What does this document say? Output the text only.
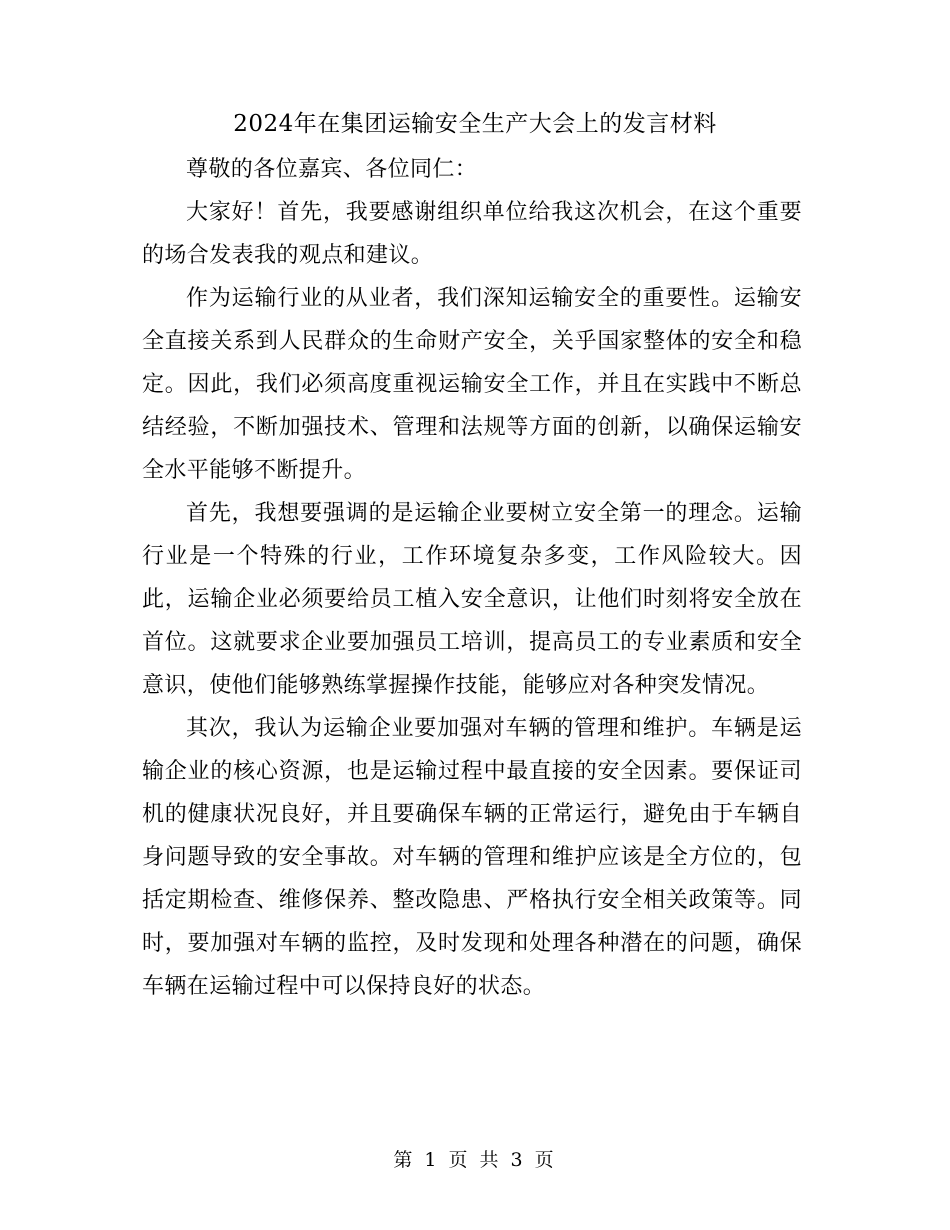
2024年在集团运输安全生产大会上的发言材料

尊敬的各位嘉宾、各位同仁：

大家好！首先，我要感谢组织单位给我这次机会，在这个重要的场合发表我的观点和建议。

作为运输行业的从业者，我们深知运输安全的重要性。运输安全直接关系到人民群众的生命财产安全，关乎国家整体的安全和稳定。因此，我们必须高度重视运输安全工作，并且在实践中不断总结经验，不断加强技术、管理和法规等方面的创新，以确保运输安全水平能够不断提升。

首先，我想要强调的是运输企业要树立安全第一的理念。运输行业是一个特殊的行业，工作环境复杂多变，工作风险较大。因此，运输企业必须要给员工植入安全意识，让他们时刻将安全放在首位。这就要求企业要加强员工培训，提高员工的专业素质和安全意识，使他们能够熟练掌握操作技能，能够应对各种突发情况。

其次，我认为运输企业要加强对车辆的管理和维护。车辆是运输企业的核心资源，也是运输过程中最直接的安全因素。要保证司机的健康状况良好，并且要确保车辆的正常运行，避免由于车辆自身问题导致的安全事故。对车辆的管理和维护应该是全方位的，包括定期检查、维修保养、整改隐患、严格执行安全相关政策等。同时，要加强对车辆的监控，及时发现和处理各种潜在的问题，确保车辆在运输过程中可以保持良好的状态。

第 1 页 共 3 页
